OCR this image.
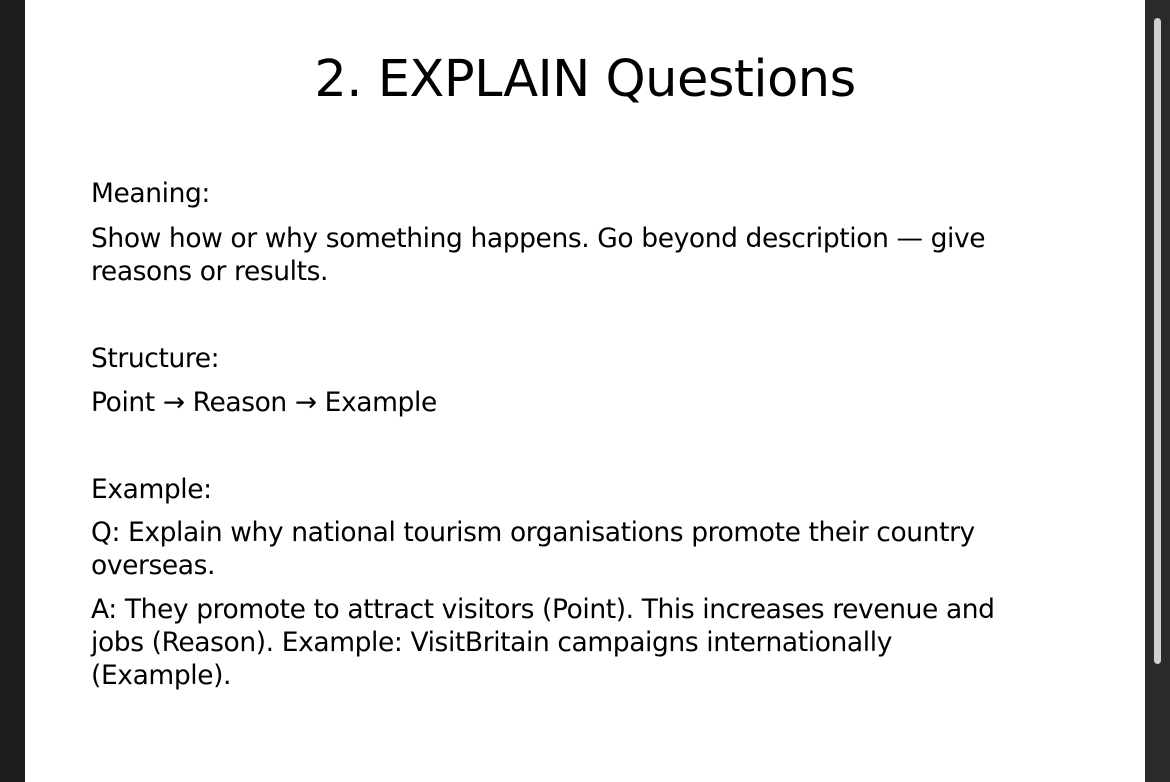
2. EXPLAIN Questions
Meaning:
Show how or why something happens. Go beyond description — give
reasons or results.
Structure:
Point → Reason → Example
Example:
Q: Explain why national tourism organisations promote their country
overseas.
A: They promote to attract visitors (Point). This increases revenue and
jobs (Reason). Example: VisitBritain campaigns internationally
(Example).
